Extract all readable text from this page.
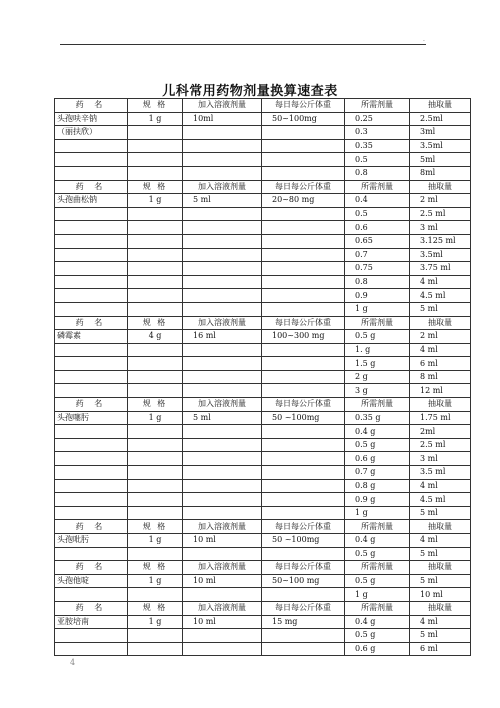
.
儿科常用药物剂量换算速查表
药 名	规 格	加入溶液剂量	每日每公斤体重	所需剂量	抽取量
头孢呋辛钠	1 g	10ml	50~100mg	0.25	2.5ml
（丽扶欣）				0.3	3ml
				0.35	3.5ml
				0.5	5ml
				0.8	8ml
药 名	规 格	加入溶液剂量	每日每公斤体重	所需剂量	抽取量
头孢曲松钠	1 g	5 ml	20~80 mg	0.4	2 ml
				0.5	2.5 ml
				0.6	3 ml
				0.65	3.125 ml
				0.7	3.5ml
				0.75	3.75 ml
				0.8	4 ml
				0.9	4.5 ml
				1 g	5 ml
药 名	规 格	加入溶液剂量	每日每公斤体重	所需剂量	抽取量
磷霉素	4 g	16 ml	100~300 mg	0.5 g	2 ml
				1. g	4 ml
				1.5 g	6 ml
				2 g	8 ml
				3 g	12 ml
药 名	规 格	加入溶液剂量	每日每公斤体重	所需剂量	抽取量
头孢噻肟	1 g	5 ml	50 ~100mg	0.35 g	1.75 ml
				0.4 g	2ml
				0.5 g	2.5 ml
				0.6 g	3 ml
				0.7 g	3.5 ml
				0.8 g	4 ml
				0.9 g	4.5 ml
				1 g	5 ml
药 名	规 格	加入溶液剂量	每日每公斤体重	所需剂量	抽取量
头孢吡肟	1 g	10 ml	50 ~100mg	0.4 g	4 ml
				0.5 g	5 ml
药 名	规 格	加入溶液剂量	每日每公斤体重	所需剂量	抽取量
头孢他啶	1 g	10 ml	50~100 mg	0.5 g	5 ml
				1 g	10 ml
药 名	规 格	加入溶液剂量	每日每公斤体重	所需剂量	抽取量
亚胺培南	1 g	10 ml	15 mg	0.4 g	4 ml
				0.5 g	5 ml
				0.6 g	6 ml
4
